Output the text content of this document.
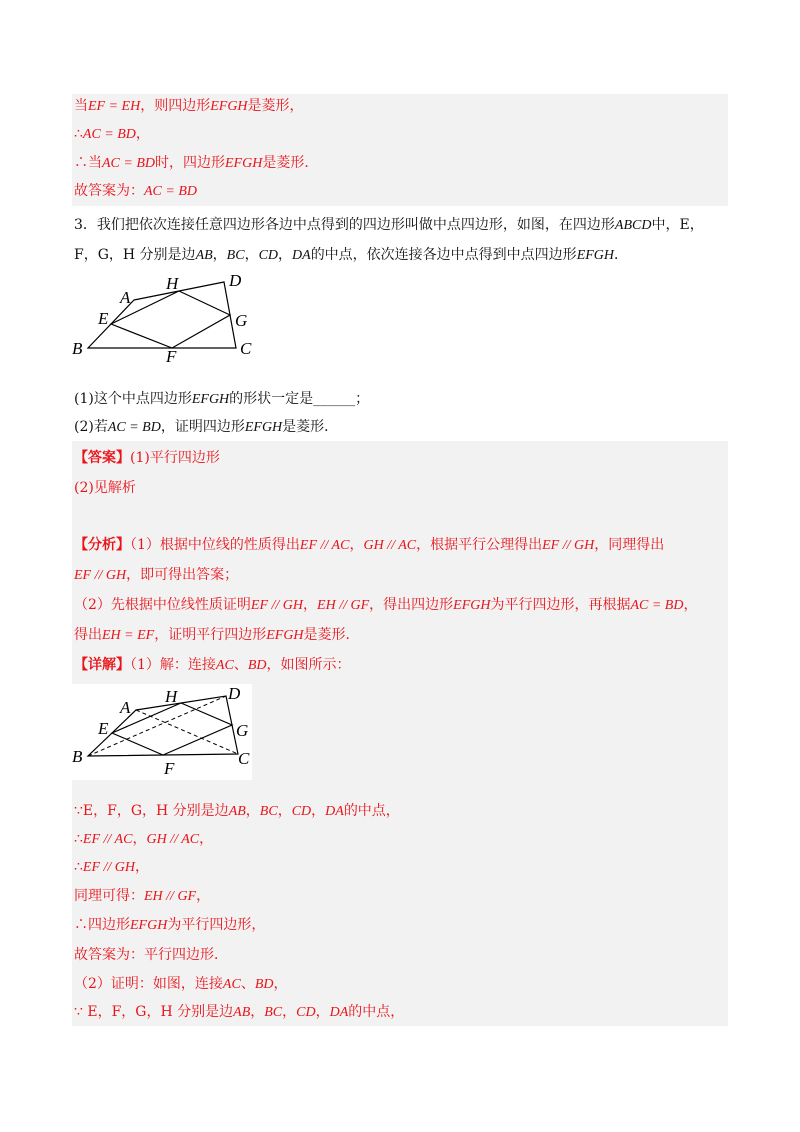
当EF = EH，则四边形EFGH是菱形，
∴AC = BD，
∴当AC = BD时，四边形EFGH是菱形．
故答案为：AC = BD
3．我们把依次连接任意四边形各边中点得到的四边形叫做中点四边形，如图，在四边形ABCD中，E，
F，G，H 分别是边AB，BC，CD，DA的中点，依次连接各边中点得到中点四边形EFGH．
A
H	D
E	G
B	F	C
(1)这个中点四边形EFGH的形状一定是______；
(2)若AC = BD，证明四边形EFGH是菱形．
【答案】(1)平行四边形
(2)见解析
【分析】（1）根据中位线的性质得出EF // AC，GH // AC，根据平行公理得出EF // GH，同理得出
EF // GH，即可得出答案；
（2）先根据中位线性质证明EF // GH，EH // GF，得出四边形EFGH为平行四边形，再根据AC = BD，
得出EH = EF，证明平行四边形EFGH是菱形．
【详解】（1）解：连接AC、BD，如图所示：
A
H	D
E	G
B
F
C
∵E，F，G，H 分别是边AB，BC，CD，DA的中点，
∴EF // AC，GH // AC，
∴EF // GH，
同理可得：EH // GF，
∴四边形EFGH为平行四边形，
故答案为：平行四边形．
（2）证明：如图，连接AC、BD，
∵ E，F，G，H 分别是边AB，BC，CD，DA的中点，
